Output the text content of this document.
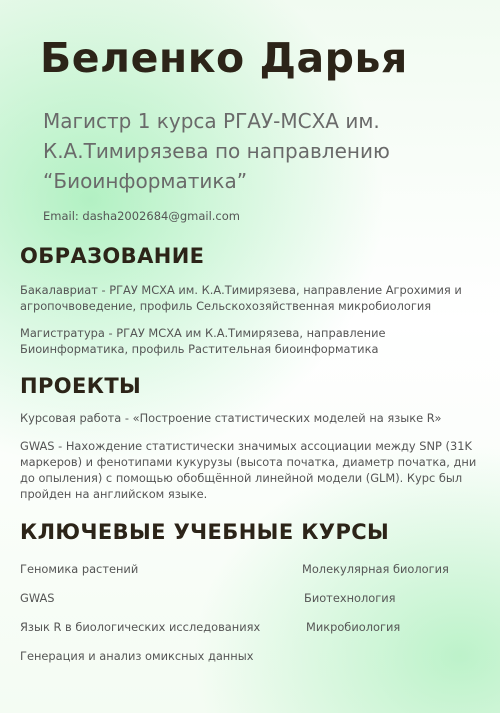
Беленко Дарья

Магистр 1 курса РГАУ-МСХА им. К.А.Тимирязева по направлению “Биоинформатика”

Email: dasha2002684@gmail.com

ОБРАЗОВАНИЕ

Бакалавриат - РГАУ МСХА им. К.А.Тимирязева, направление Агрохимия и агропочвоведение, профиль Сельскохозяйственная микробиология

Магистратура - РГАУ МСХА им К.А.Тимирязева, направление Биоинформатика, профиль Растительная биоинформатика

ПРОЕКТЫ

Курсовая работа - «Построение статистических моделей на языке R»

GWAS - Нахождение статистически значимых ассоциации между SNP (31K маркеров) и фенотипами кукурузы (высота початка, диаметр початка, дни до опыления) с помощью обобщённой линейной модели (GLM). Курс был пройден на английском языке.

КЛЮЧЕВЫЕ УЧЕБНЫЕ КУРСЫ

Геномика растений

GWAS

Язык R в биологических исследованиях

Генерация и анализ омиксных данных

Молекулярная биология

Биотехнология

Микробиология
